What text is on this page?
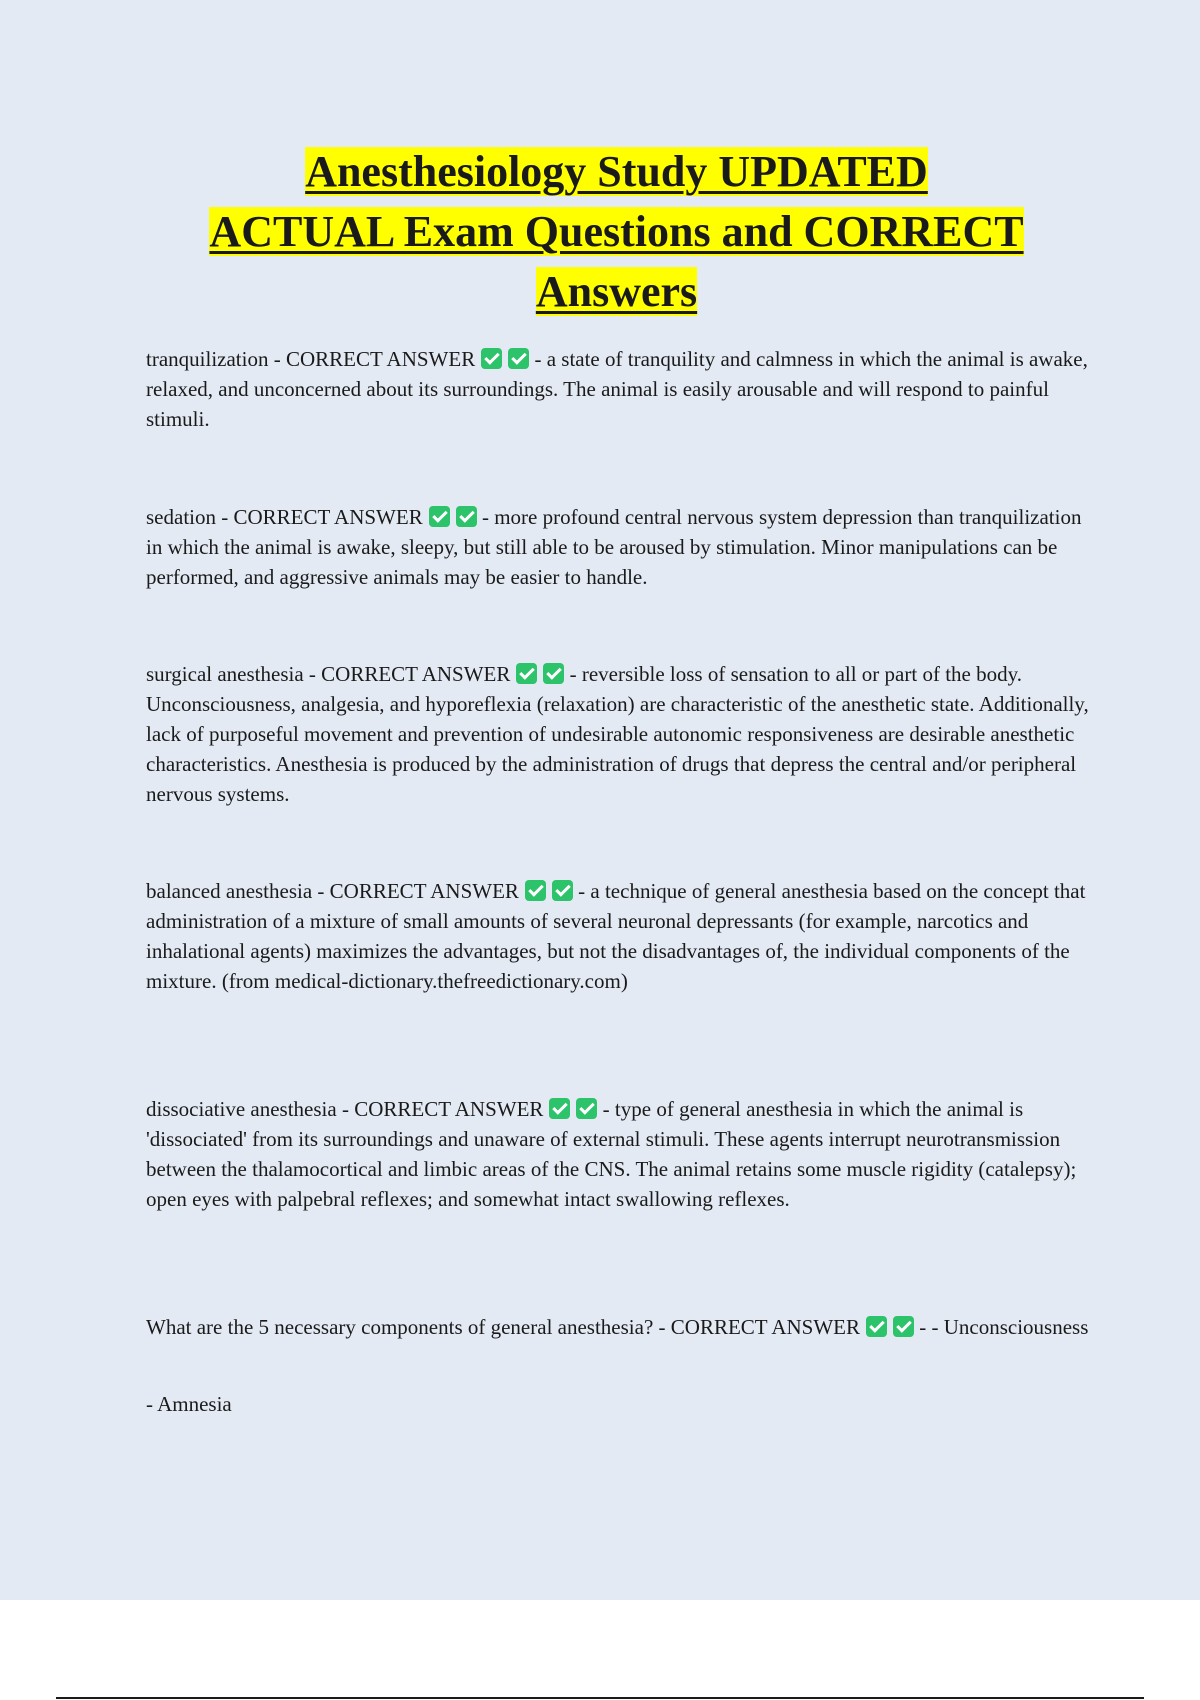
Anesthesiology Study UPDATED
ACTUAL Exam Questions and CORRECT
Answers

tranquilization - CORRECT ANSWER	- a state of tranquility and calmness in which the animal is awake, relaxed, and unconcerned about its surroundings. The animal is easily arousable and will respond to painful stimuli.

sedation - CORRECT ANSWER	- more profound central nervous system depression than tranquilization in which the animal is awake, sleepy, but still able to be aroused by stimulation. Minor manipulations can be performed, and aggressive animals may be easier to handle.

surgical anesthesia - CORRECT ANSWER	- reversible loss of sensation to all or part of the body. Unconsciousness, analgesia, and hyporeflexia (relaxation) are characteristic of the anesthetic state. Additionally, lack of purposeful movement and prevention of undesirable autonomic responsiveness are desirable anesthetic characteristics. Anesthesia is produced by the administration of drugs that depress the central and/or peripheral nervous systems.

balanced anesthesia - CORRECT ANSWER	- a technique of general anesthesia based on the concept that administration of a mixture of small amounts of several neuronal depressants (for example, narcotics and inhalational agents) maximizes the advantages, but not the disadvantages of, the individual components of the mixture. (from medical-dictionary.thefreedictionary.com)

dissociative anesthesia - CORRECT ANSWER	- type of general anesthesia in which the animal is 'dissociated' from its surroundings and unaware of external stimuli. These agents interrupt neurotransmission between the thalamocortical and limbic areas of the CNS. The animal retains some muscle rigidity (catalepsy); open eyes with palpebral reflexes; and somewhat intact swallowing reflexes.

What are the 5 necessary components of general anesthesia? - CORRECT ANSWER	- - Unconsciousness

- Amnesia
